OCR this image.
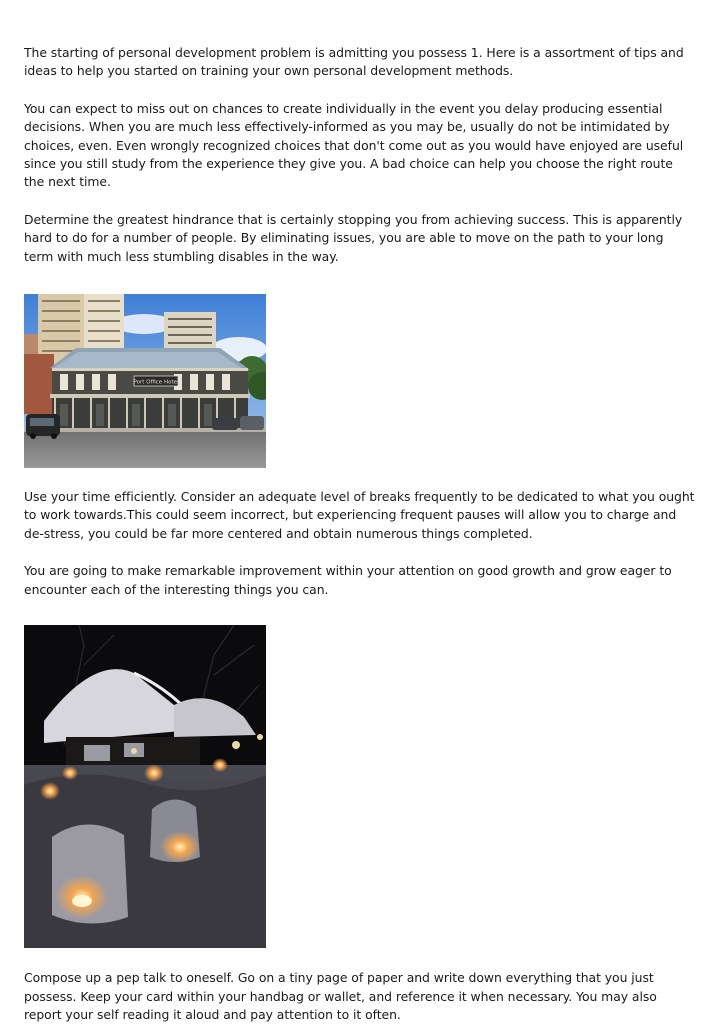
The starting of personal development problem is admitting you possess 1. Here is a assortment of tips and ideas to help you started on training your own personal development methods.

You can expect to miss out on chances to create individually in the event you delay producing essential decisions. When you are much less effectively-informed as you may be, usually do not be intimidated by choices, even. Even wrongly recognized choices that don't come out as you would have enjoyed are useful since you still study from the experience they give you. A bad choice can help you choose the right route the next time.

Determine the greatest hindrance that is certainly stopping you from achieving success. This is apparently hard to do for a number of people. By eliminating issues, you are able to move on the path to your long term with much less stumbling disables in the way.

Port Office Hotel

Use your time efficiently. Consider an adequate level of breaks frequently to be dedicated to what you ought to work towards.This could seem incorrect, but experiencing frequent pauses will allow you to charge and de-stress, you could be far more centered and obtain numerous things completed.

You are going to make remarkable improvement within your attention on good growth and grow eager to encounter each of the interesting things you can.

Compose up a pep talk to oneself. Go on a tiny page of paper and write down everything that you just possess. Keep your card within your handbag or wallet, and reference it when necessary. You may also report your self reading it aloud and pay attention to it often.
